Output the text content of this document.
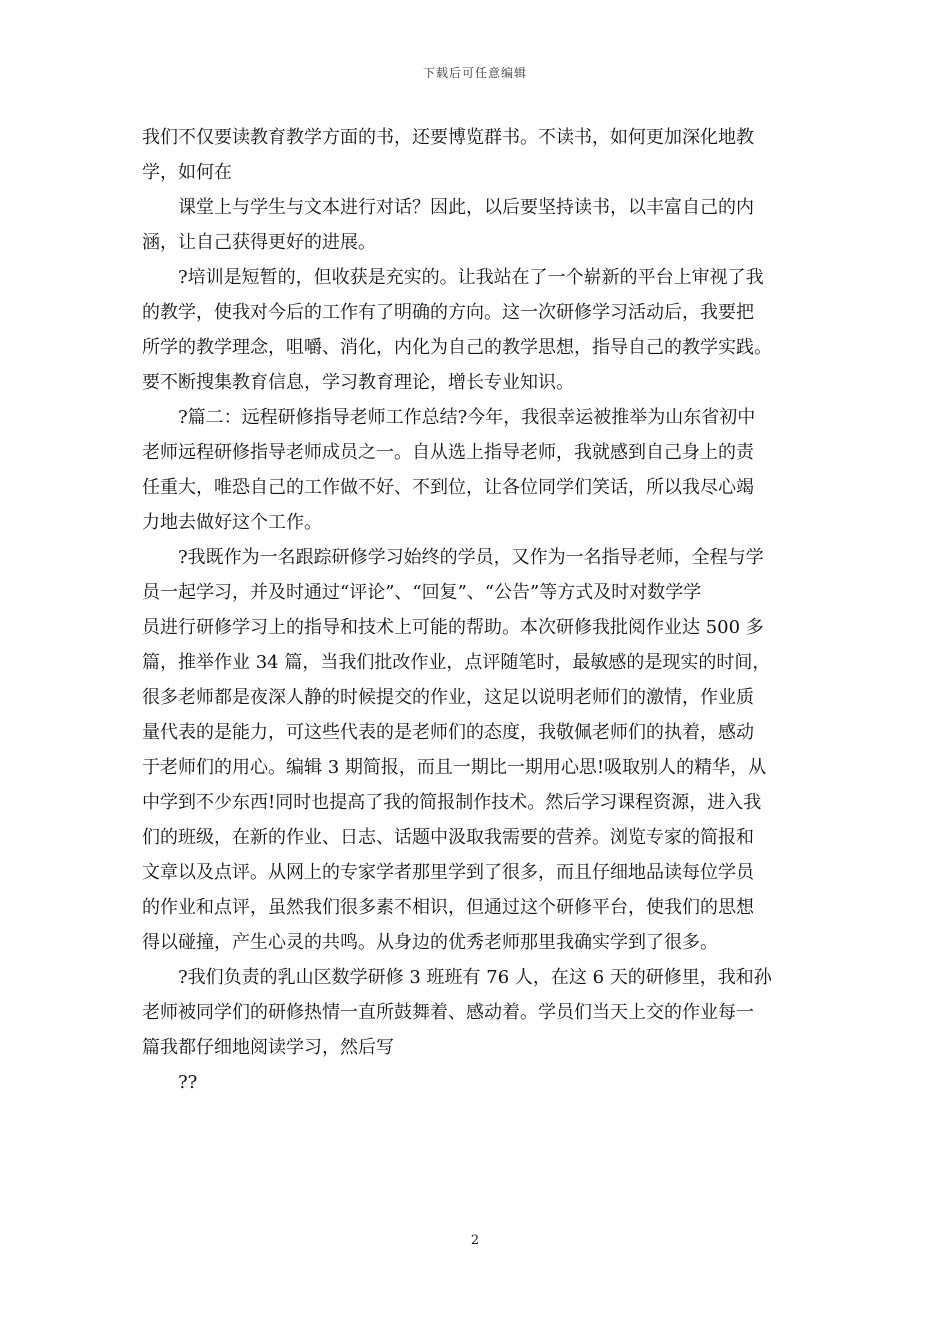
下载后可任意编辑
我们不仅要读教育教学方面的书，还要博览群书。不读书，如何更加深化地教
学，如何在
课堂上与学生与文本进行对话？因此，以后要坚持读书，以丰富自己的内
涵，让自己获得更好的进展。
?培训是短暂的，但收获是充实的。让我站在了一个崭新的平台上审视了我
的教学，使我对今后的工作有了明确的方向。这一次研修学习活动后，我要把
所学的教学理念，咀嚼、消化，内化为自己的教学思想，指导自己的教学实践。
要不断搜集教育信息，学习教育理论，增长专业知识。
?篇二：远程研修指导老师工作总结?今年，我很幸运被推举为山东省初中
老师远程研修指导老师成员之一。自从选上指导老师，我就感到自己身上的责
任重大，唯恐自己的工作做不好、不到位，让各位同学们笑话，所以我尽心竭
力地去做好这个工作。
?我既作为一名跟踪研修学习始终的学员，又作为一名指导老师，全程与学
员一起学习，并及时通过“评论”、“回复”、“公告”等方式及时对数学学
员进行研修学习上的指导和技术上可能的帮助。本次研修我批阅作业达 500 多
篇，推举作业 34 篇，当我们批改作业，点评随笔时，最敏感的是现实的时间，
很多老师都是夜深人静的时候提交的作业，这足以说明老师们的激情，作业质
量代表的是能力，可这些代表的是老师们的态度，我敬佩老师们的执着，感动
于老师们的用心。编辑 3 期简报，而且一期比一期用心思!吸取别人的精华，从
中学到不少东西!同时也提高了我的简报制作技术。然后学习课程资源，进入我
们的班级，在新的作业、日志、话题中汲取我需要的营养。浏览专家的简报和
文章以及点评。从网上的专家学者那里学到了很多，而且仔细地品读每位学员
的作业和点评，虽然我们很多素不相识，但通过这个研修平台，使我们的思想
得以碰撞，产生心灵的共鸣。从身边的优秀老师那里我确实学到了很多。
?我们负责的乳山区数学研修 3 班班有 76 人，在这 6 天的研修里，我和孙
老师被同学们的研修热情一直所鼓舞着、感动着。学员们当天上交的作业每一
篇我都仔细地阅读学习，然后写
??
2
